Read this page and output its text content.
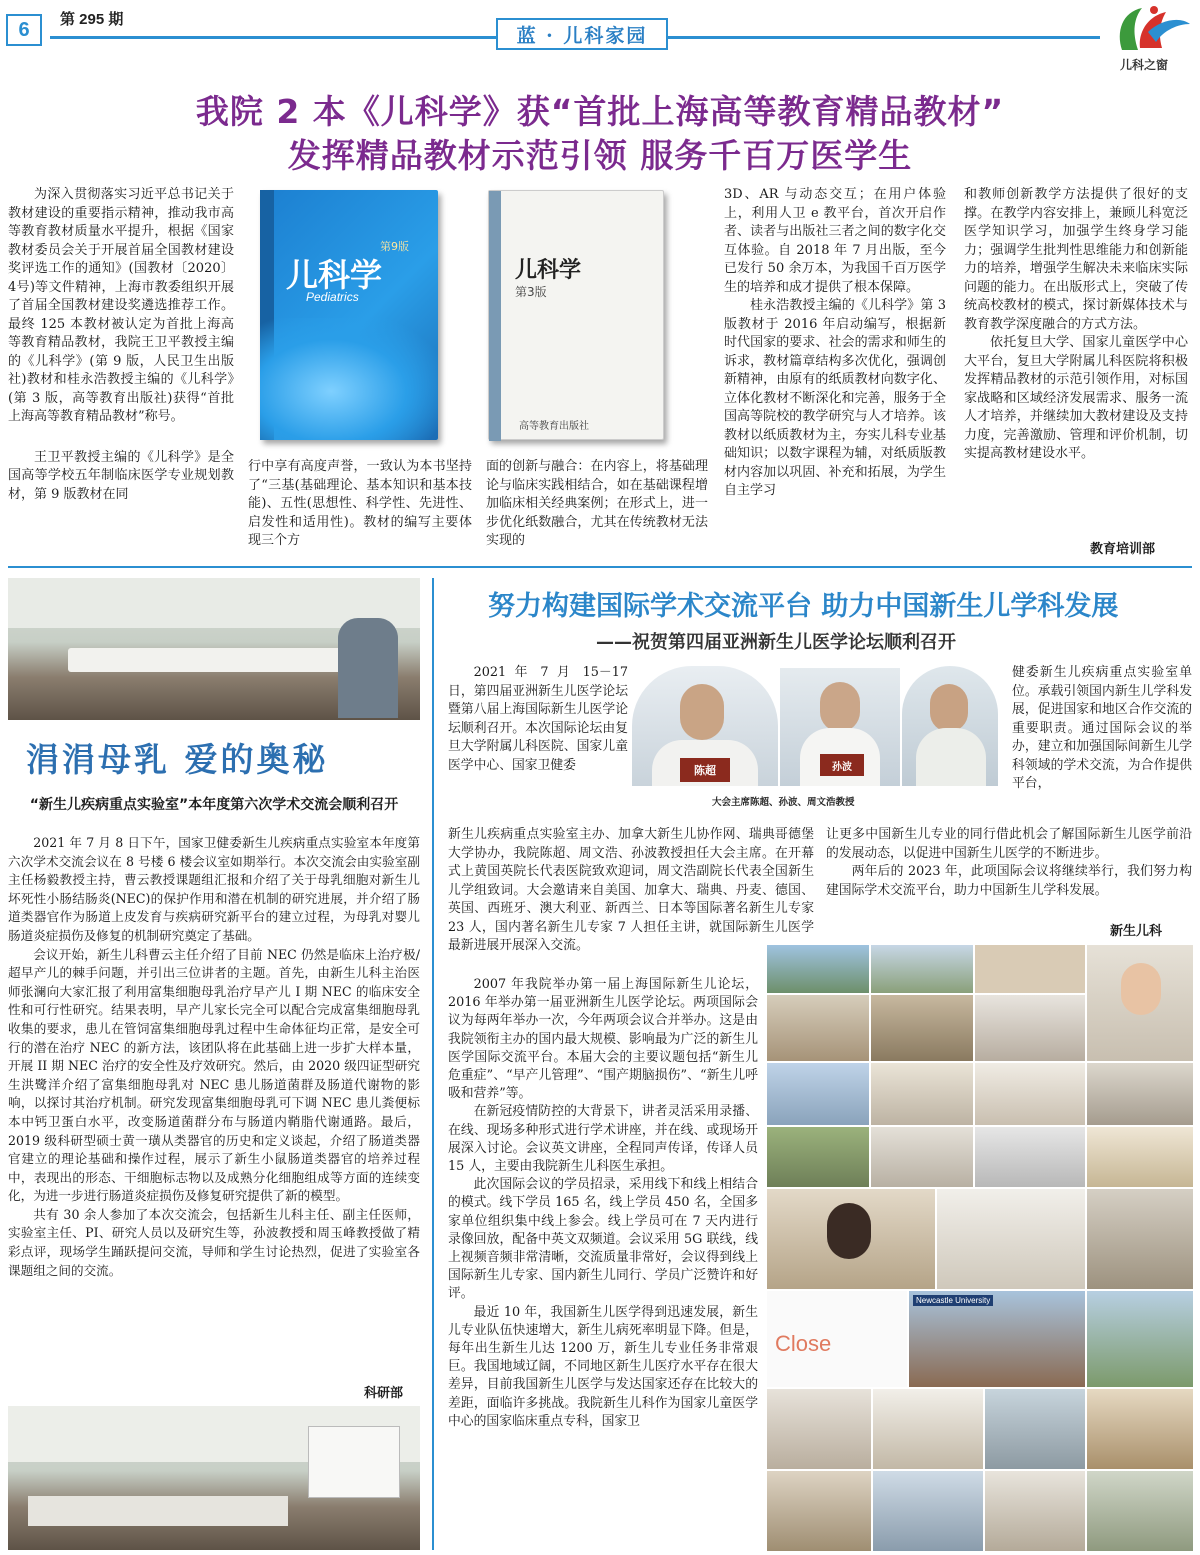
6	第 295 期
蓝 · 儿科家园
儿科之窗
我院 2 本《儿科学》获“首批上海高等教育精品教材”
发挥精品教材示范引领 服务千百万医学生

为深入贯彻落实习近平总书记关于教材建设的重要指示精神，推动我市高等教育教材质量水平提升，根据《国家教材委员会关于开展首届全国教材建设奖评选工作的通知》(国教材〔2020〕4号)等文件精神，上海市教委组织开展了首届全国教材建设奖遴选推荐工作。最终 125 本教材被认定为首批上海高等教育精品教材，我院王卫平教授主编的《儿科学》(第 9 版，人民卫生出版社)教材和桂永浩教授主编的《儿科学》(第 3 版，高等教育出版社)获得“首批上海高等教育精品教材”称号。

王卫平教授主编的《儿科学》是全国高等学校五年制临床医学专业规划教材，第 9 版教材在同

儿科学
Pediatrics
第9版
儿科学
第3版
高等教育出版社

行中享有高度声誉，一致认为本书坚持了“三基(基础理论、基本知识和基本技能)、五性(思想性、科学性、先进性、启发性和适用性)。教材的编写主要体现三个方

面的创新与融合：在内容上，将基础理论与临床实践相结合，如在基础课程增加临床相关经典案例；在形式上，进一步优化纸数融合，尤其在传统教材无法实现的

3D、AR 与动态交互；在用户体验上，利用人卫 e 教平台，首次开启作者、读者与出版社三者之间的数字化交互体验。自 2018 年 7 月出版，至今已发行 50 余万本，为我国千百万医学生的培养和成才提供了根本保障。

桂永浩教授主编的《儿科学》第 3 版教材于 2016 年启动编写，根据新时代国家的要求、社会的需求和师生的诉求，教材篇章结构多次优化，强调创新精神，由原有的纸质教材向数字化、立体化教材不断深化和完善，服务于全国高等院校的教学研究与人才培养。该教材以纸质教材为主，夯实儿科专业基础知识；以数字课程为辅，对纸质版教材内容加以巩固、补充和拓展，为学生自主学习

和教师创新教学方法提供了很好的支撑。在教学内容安排上，兼顾儿科宽泛医学知识学习，加强学生终身学习能力；强调学生批判性思维能力和创新能力的培养，增强学生解决未来临床实际问题的能力。在出版形式上，突破了传统高校教材的模式，探讨新媒体技术与教育教学深度融合的方式方法。

依托复旦大学、国家儿童医学中心大平台，复旦大学附属儿科医院将积极发挥精品教材的示范引领作用，对标国家战略和区域经济发展需求、服务一流人才培养，并继续加大教材建设及支持力度，完善激励、管理和评价机制，切实提高教材建设水平。

教育培训部
涓涓母乳 爱的奥秘
“新生儿疾病重点实验室”本年度第六次学术交流会顺利召开

2021 年 7 月 8 日下午，国家卫健委新生儿疾病重点实验室本年度第六次学术交流会议在 8 号楼 6 楼会议室如期举行。本次交流会由实验室副主任杨毅教授主持，曹云教授课题组汇报和介绍了关于母乳细胞对新生儿坏死性小肠结肠炎(NEC)的保护作用和潜在机制的研究进展，并介绍了肠道类器官作为肠道上皮发育与疾病研究新平台的建立过程，为母乳对婴儿肠道炎症损伤及修复的机制研究奠定了基础。

会议开始，新生儿科曹云主任介绍了目前 NEC 仍然是临床上治疗极/超早产儿的棘手问题，并引出三位讲者的主题。首先，由新生儿科主治医师张澜向大家汇报了利用富集细胞母乳治疗早产儿 I 期 NEC 的临床安全性和可行性研究。结果表明，早产儿家长完全可以配合完成富集细胞母乳收集的要求，患儿在管饲富集细胞母乳过程中生命体征均正常，是安全可行的潜在治疗 NEC 的新方法，该团队将在此基础上进一步扩大样本量，开展 II 期 NEC 治疗的安全性及疗效研究。然后，由 2020 级四证型研究生洪鹭洋介绍了富集细胞母乳对 NEC 患儿肠道菌群及肠道代谢物的影响，以探讨其治疗机制。研究发现富集细胞母乳可下调 NEC 患儿粪便标本中钙卫蛋白水平，改变肠道菌群分布与肠道内鞘脂代谢通路。最后，2019 级科研型硕士黄一璜从类器官的历史和定义谈起，介绍了肠道类器官建立的理论基础和操作过程，展示了新生小鼠肠道类器官的培养过程中，表现出的形态、干细胞标志物以及成熟分化细胞组成等方面的连续变化，为进一步进行肠道炎症损伤及修复研究提供了新的模型。

共有 30 余人参加了本次交流会，包括新生儿科主任、副主任医师，实验室主任、PI、研究人员以及研究生等，孙波教授和周玉峰教授做了精彩点评，现场学生踊跃提问交流，导师和学生讨论热烈，促进了实验室各课题组之间的交流。

科研部
努力构建国际学术交流平台 助力中国新生儿学科发展
——祝贺第四届亚洲新生儿医学论坛顺利召开

2021 年 7 月 15－17 日，第四届亚洲新生儿医学论坛暨第八届上海国际新生儿医学论坛顺利召开。本次国际论坛由复旦大学附属儿科医院、国家儿童医学中心、国家卫健委	陈超	孙波
大会主席陈超、孙波、周文浩教授

健委新生儿疾病重点实验室单位。承载引领国内新生儿学科发展，促进国家和地区合作交流的重要职责。通过国际会议的举办，建立和加强国际间新生儿学科领域的学术交流，为合作提供平台，

新生儿疾病重点实验室主办、加拿大新生儿协作网、瑞典哥德堡大学协办，我院陈超、周文浩、孙波教授担任大会主席。在开幕式上黄国英院长代表医院致欢迎词，周文浩副院长代表全国新生儿学组致词。大会邀请来自美国、加拿大、瑞典、丹麦、德国、英国、西班牙、澳大利亚、新西兰、日本等国际著名新生儿专家 23 人，国内著名新生儿专家 7 人担任主讲，就国际新生儿医学最新进展开展深入交流。

让更多中国新生儿专业的同行借此机会了解国际新生儿医学前沿的发展动态，以促进中国新生儿医学的不断进步。

两年后的 2023 年，此项国际会议将继续举行，我们努力构建国际学术交流平台，助力中国新生儿学科发展。

新生儿科

2007 年我院举办第一届上海国际新生儿论坛，2016 年举办第一届亚洲新生儿医学论坛。两项国际会议为每两年举办一次，今年两项会议合并举办。这是由我院领衔主办的国内最大规模、影响最为广泛的新生儿医学国际交流平台。本届大会的主要议题包括“新生儿危重症”、“早产儿管理”、“围产期脑损伤”、“新生儿呼吸和营养”等。

在新冠疫情防控的大背景下，讲者灵活采用录播、在线、现场多种形式进行学术讲座，并在线、或现场开展深入讨论。会议英文讲座，全程同声传译，传译人员 15 人，主要由我院新生儿科医生承担。

此次国际会议的学员招录，采用线下和线上相结合的模式。线下学员 165 名，线上学员 450 名，全国多家单位组织集中线上参会。线上学员可在 7 天内进行录像回放，配备中英文双频道。会议采用 5G 联线，线上视频音频非常清晰，交流质量非常好，会议得到线上国际新生儿专家、国内新生儿同行、学员广泛赞许和好评。

最近 10 年，我国新生儿医学得到迅速发展，新生儿专业队伍快速增大，新生儿病死率明显下降。但是，每年出生新生儿达 1200 万，新生儿专业任务非常艰巨。我国地域辽阔，不同地区新生儿医疗水平存在很大差异，目前我国新生儿医学与发达国家还存在比较大的差距，面临许多挑战。我院新生儿科作为国家儿童医学中心的国家临床重点专科，国家卫

Close
Newcastle University
